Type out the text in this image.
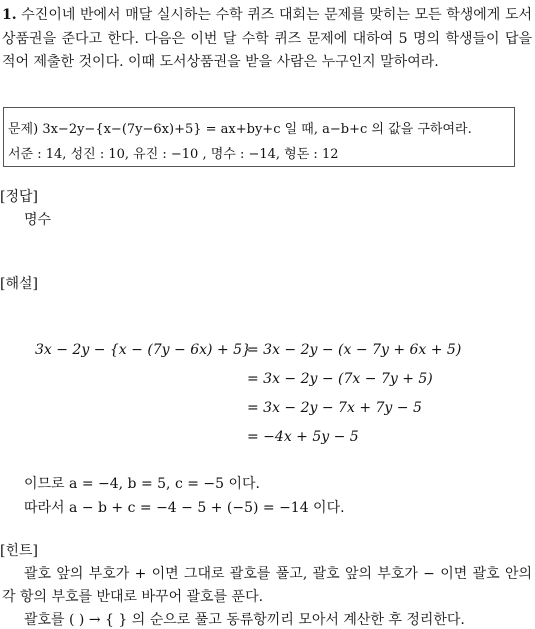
1. 수진이네 반에서 매달 실시하는 수학 퀴즈 대회는 문제를 맞히는 모든 학생에게 도서 상품권을 준다고 한다. 다음은 이번 달 수학 퀴즈 문제에 대하여 5 명의 학생들이 답을 적어 제출한 것이다. 이때 도서상품권을 받을 사람은 누구인지 말하여라.
문제) 3x−2y−{x−(7y−6x)+5} = ax+by+c 일 때, a−b+c 의 값을 구하여라.
서준 : 14, 성진 : 10, 유진 : −10 , 명수 : −14, 형돈 : 12
[정답]
명수
[해설]
3x − 2y − {x − (7y − 6x) + 5}
= 3x − 2y − (x − 7y + 6x + 5)
= 3x − 2y − (7x − 7y + 5)
= 3x − 2y − 7x + 7y − 5
= −4x + 5y − 5
이므로 a = −4, b = 5, c = −5 이다.
따라서 a − b + c = −4 − 5 + (−5) = −14 이다.
[힌트]
괄호 앞의 부호가 + 이면 그대로 괄호를 풀고, 괄호 앞의 부호가 − 이면 괄호 안의 각 항의 부호를 반대로 바꾸어 괄호를 푼다.
괄호를 ( ) → { } 의 순으로 풀고 동류항끼리 모아서 계산한 후 정리한다.
